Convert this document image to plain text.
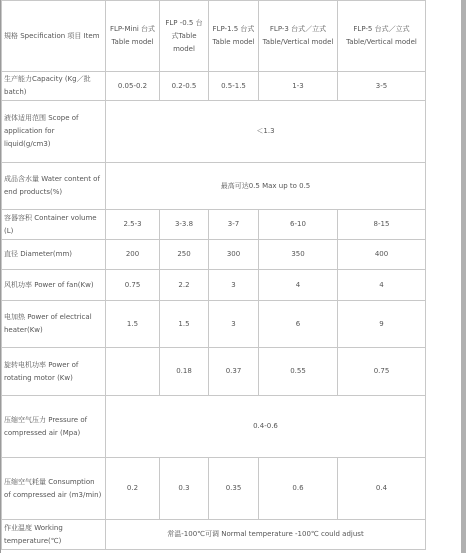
規格 Specification 项目 Item	FLP-Mini 台式Table model	FLP -0.5 台式Table model	FLP-1.5 台式Table model	FLP-3 台式／立式Table/Vertical model	FLP-5 台式／立式Table/Vertical model
生产能力Capacity (Kg／批 batch)	0.05-0.2	0.2-0.5	0.5-1.5	1-3	3-5
液体适用范围 Scope of application for liquid(g/cm3)	＜1.3				
成品含水量 Water content of end products(%)	最高可达0.5 Max up to 0.5				
容器容积 Container volume (L)	2.5-3	3-3.8	3-7	6-10	8-15
直径 Diameter(mm)	200	250	300	350	400
风机功率 Power of fan(Kw)	0.75	2.2	3	4	4
电加热 Power of electrical heater(Kw)	1.5	1.5	3	6	9
旋转电机功率 Power of rotating motor (Kw)		0.18	0.37	0.55	0.75
压缩空气压力 Pressure of compressed air (Mpa)	0.4-0.6				
压缩空气耗量 Consumption of compressed air (m3/min)	0.2	0.3	0.35	0.6	0.4
作业温度 Working temperature(℃)	常温-100℃可调 Normal temperature -100℃ could adjust				
